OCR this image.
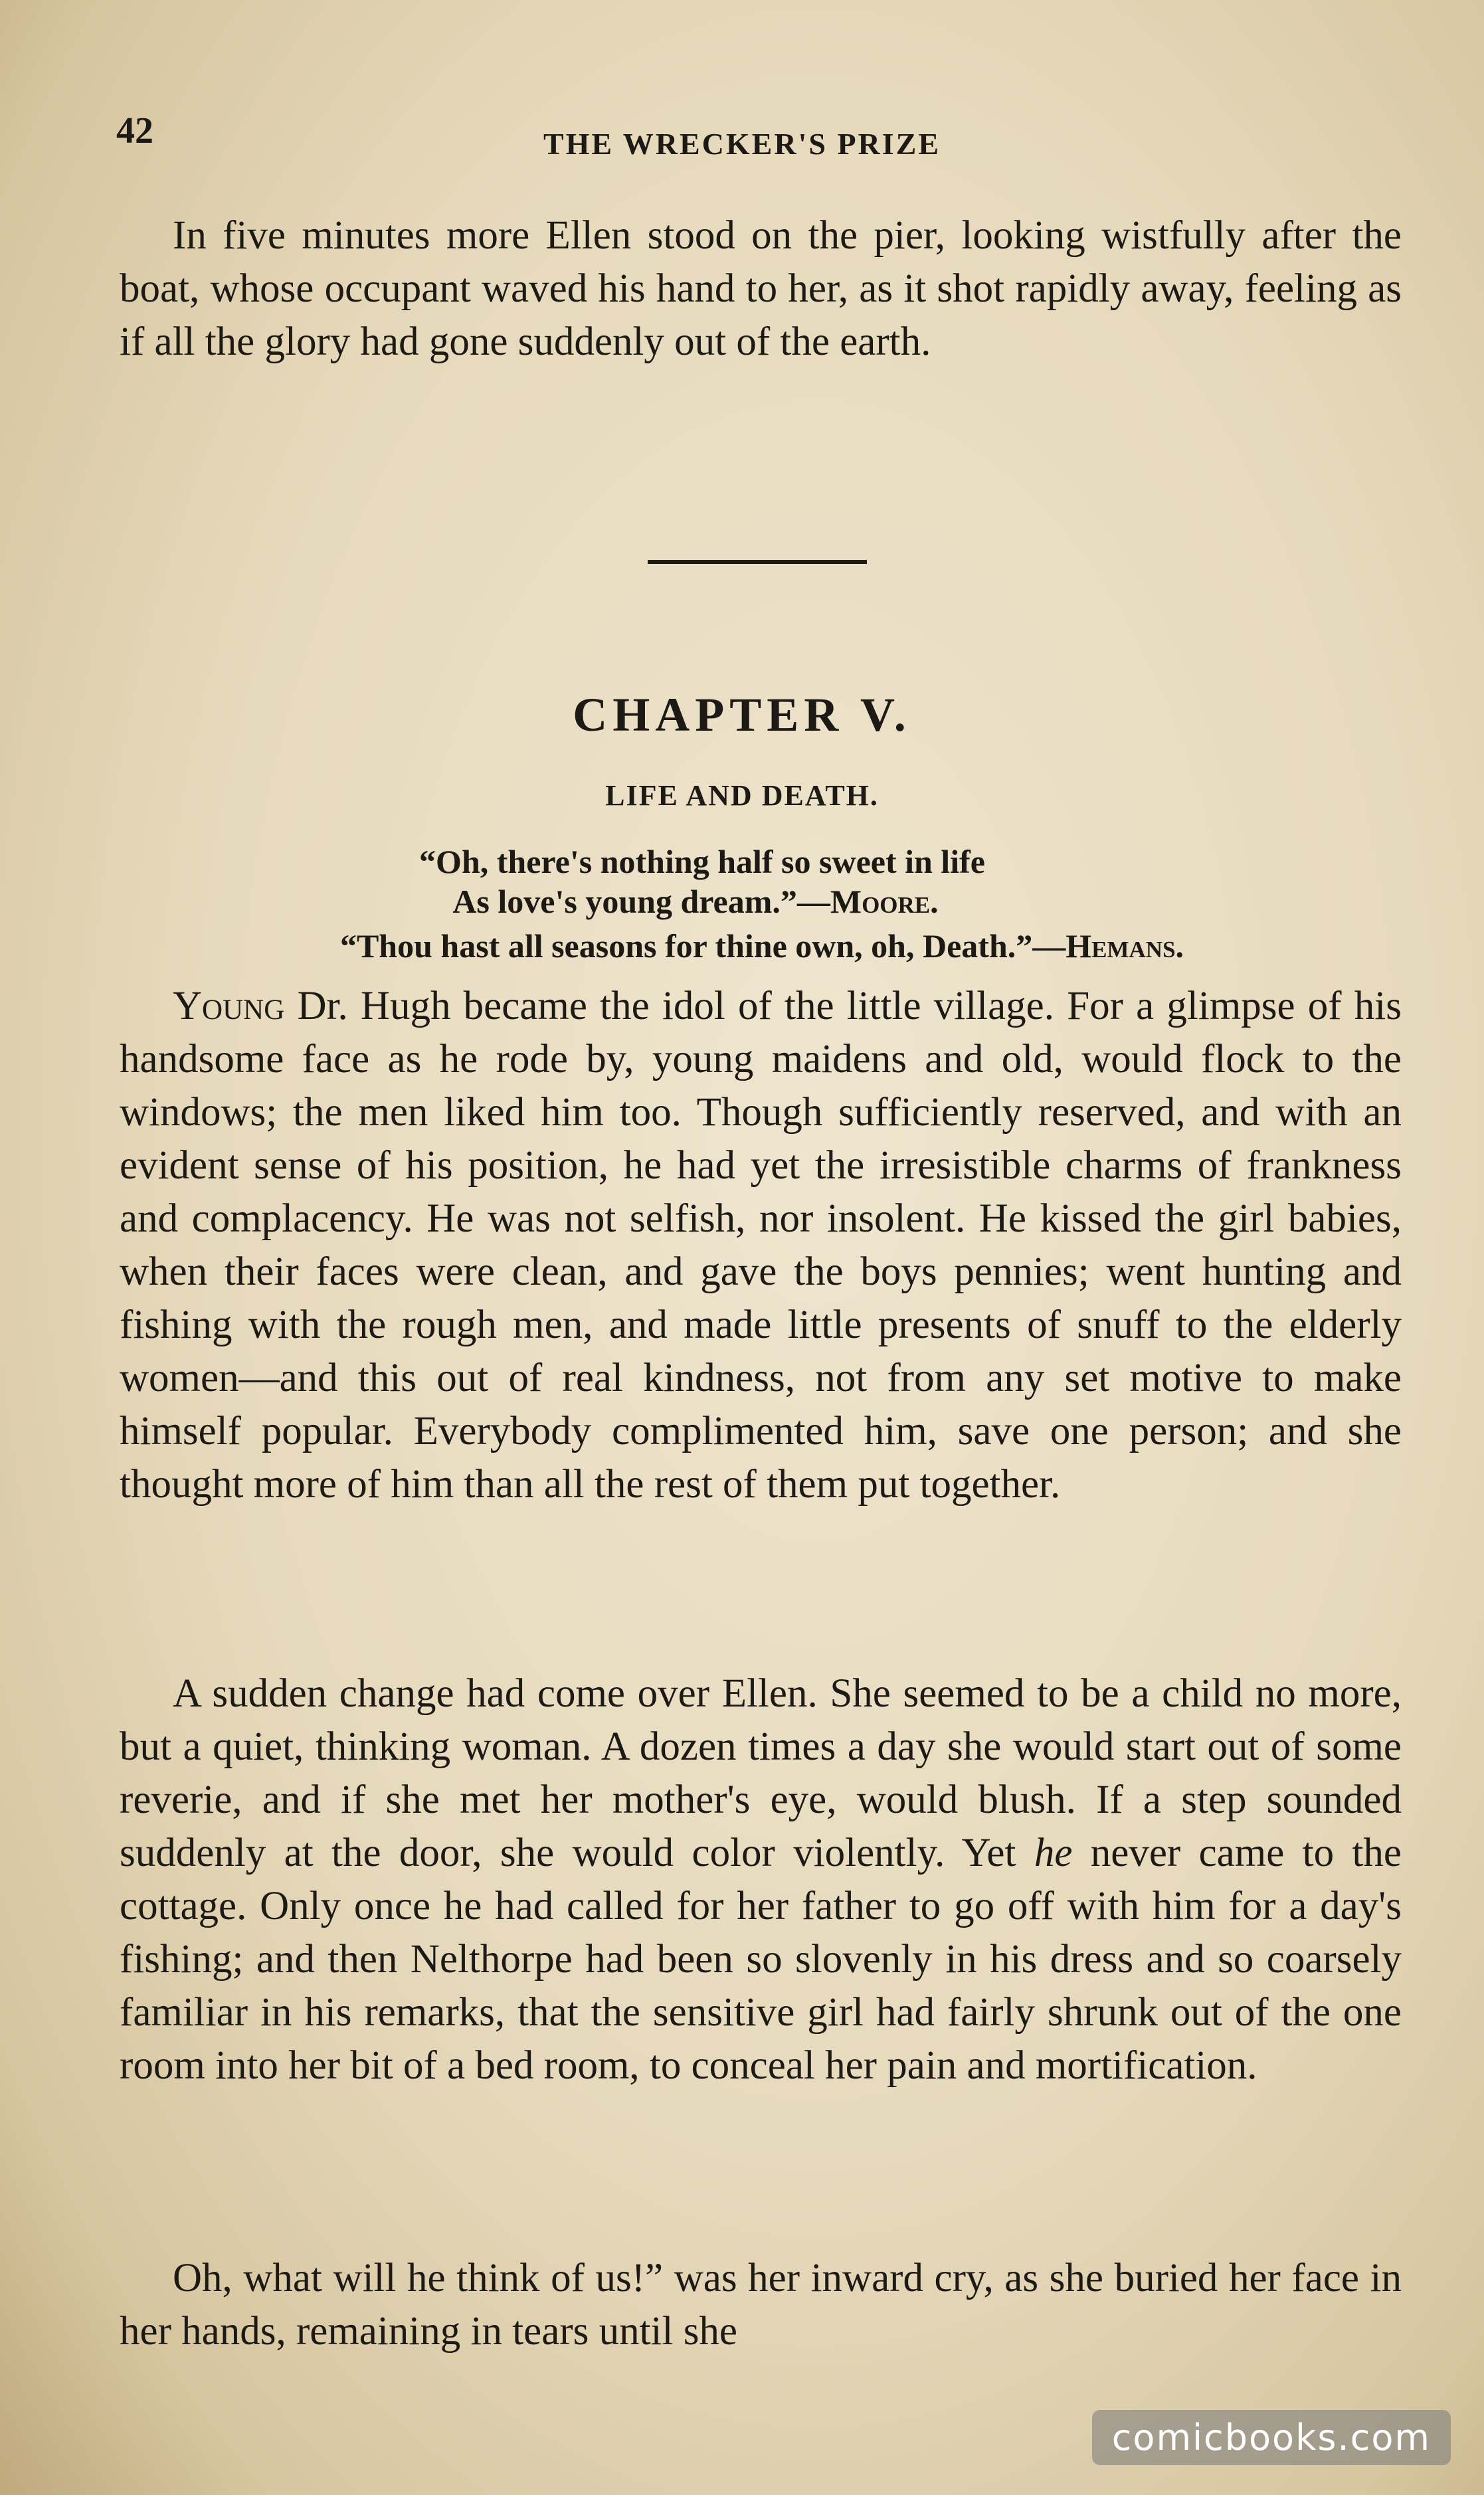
42	THE WRECKER'S PRIZE

In five minutes more Ellen stood on the pier, looking wistfully after the boat, whose occupant waved his hand to her, as it shot rapidly away, feeling as if all the glory had gone suddenly out of the earth.

CHAPTER V.
LIFE AND DEATH.
“Oh, there's nothing half so sweet in life
As love's young dream.”—Moore.
“Thou hast all seasons for thine own, oh, Death.”—Hemans.

Young Dr. Hugh became the idol of the little village. For a glimpse of his handsome face as he rode by, young maidens and old, would flock to the windows; the men liked him too. Though sufficiently reserved, and with an evident sense of his position, he had yet the irresistible charms of frankness and complacency. He was not selfish, nor insolent. He kissed the girl babies, when their faces were clean, and gave the boys pennies; went hunting and fishing with the rough men, and made little presents of snuff to the elderly women—and this out of real kindness, not from any set motive to make himself popular. Everybody complimented him, save one person; and she thought more of him than all the rest of them put together.

A sudden change had come over Ellen. She seemed to be a child no more, but a quiet, thinking woman. A dozen times a day she would start out of some reverie, and if she met her mother's eye, would blush. If a step sounded suddenly at the door, she would color violently. Yet he never came to the cottage. Only once he had called for her father to go off with him for a day's fishing; and then Nelthorpe had been so slovenly in his dress and so coarsely familiar in his remarks, that the sensitive girl had fairly shrunk out of the one room into her bit of a bed room, to conceal her pain and mortification.

Oh, what will he think of us!” was her inward cry, as she buried her face in her hands, remaining in tears until she

comicbooks.com
